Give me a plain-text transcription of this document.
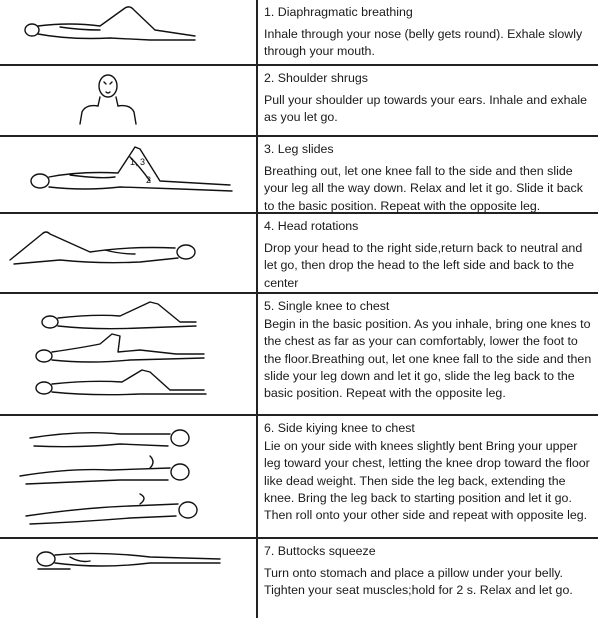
1. Diaphragmatic breathing
Inhale through your nose (belly gets round). Exhale slowly through your mouth.
2. Shoulder shrugs
Pull your shoulder up towards your ears. Inhale and exhale as you let go.
1, 3
2
3. Leg slides
Breathing out, let one knee fall to the side and then slide your leg all the way down. Relax and let it go. Slide it back to the basic position. Repeat with the opposite leg.
4. Head rotations
Drop your head to the right side,return back to neutral and let go, then drop the head to the left side and back to the center
5. Single knee to chest
Begin in the basic position. As you inhale, bring one knes to the chest as far as your can comfortably, lower the foot to the floor.Breathing out, let one knee fall to the side and then slide your leg down and let it go, slide the leg back to the basic position. Repeat with the opposite leg.
6. Side kiying knee to chest
Lie on your side with knees slightly bent Bring your upper leg toward your chest, letting the knee drop toward the floor like dead weight. Then side the leg back, extending the knee. Bring the leg back to starting position and let it go. Then roll onto your other side and repeat with opposite leg.
7. Buttocks squeeze
Turn onto stomach and place a pillow under your belly. Tighten your seat muscles;hold for 2 s. Relax and let go.
